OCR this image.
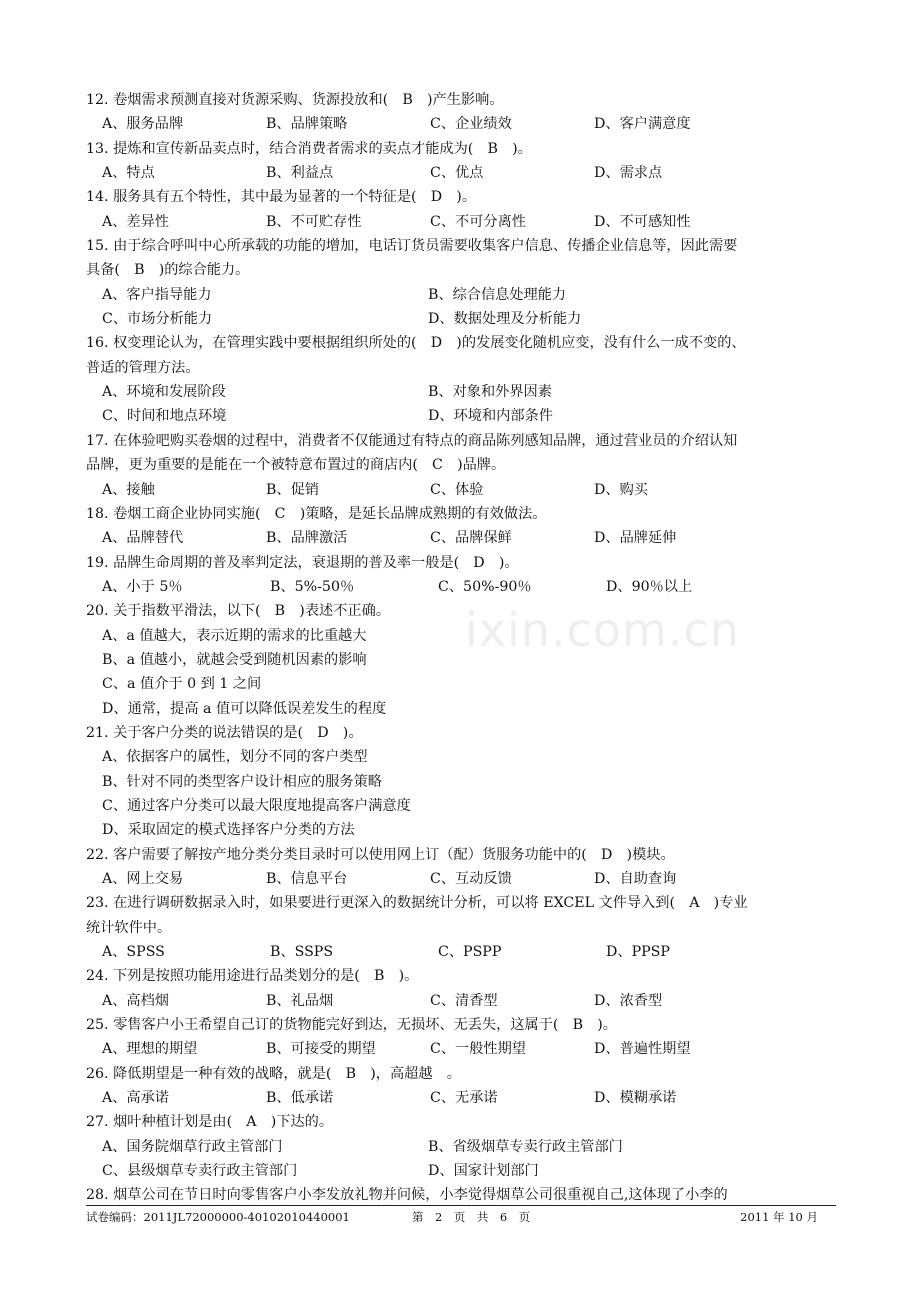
ixin.com.cn

12. 卷烟需求预测直接对货源采购、货源投放和(　B　)产生影响。

A、服务品牌	B、品牌策略	C、企业绩效	D、客户满意度

13. 提炼和宣传新品卖点时，结合消费者需求的卖点才能成为(　B　)。

A、特点	B、利益点	C、优点	D、需求点

14. 服务具有五个特性，其中最为显著的一个特征是(　D　)。

A、差异性	B、不可贮存性	C、不可分离性	D、不可感知性

15. 由于综合呼叫中心所承载的功能的增加，电话订货员需要收集客户信息、传播企业信息等，因此需要

具备(　B　)的综合能力。

A、客户指导能力	B、综合信息处理能力
C、市场分析能力	D、数据处理及分析能力

16. 权变理论认为，在管理实践中要根据组织所处的(　D　)的发展变化随机应变，没有什么一成不变的、

普适的管理方法。

A、环境和发展阶段	B、对象和外界因素
C、时间和地点环境	D、环境和内部条件

17. 在体验吧购买卷烟的过程中，消费者不仅能通过有特点的商品陈列感知品牌，通过营业员的介绍认知

品牌，更为重要的是能在一个被特意布置过的商店内(　C　)品牌。

A、接触	B、促销	C、体验	D、购买

18. 卷烟工商企业协同实施(　C　)策略，是延长品牌成熟期的有效做法。

A、品牌替代	B、品牌激活	C、品牌保鲜	D、品牌延伸

19. 品牌生命周期的普及率判定法，衰退期的普及率一般是(　D　)。

A、小于 5％	B、5%-50％	C、50%-90％	D、90％以上

20. 关于指数平滑法，以下(　B　)表述不正确。

A、a 值越大，表示近期的需求的比重越大
B、a 值越小，就越会受到随机因素的影响
C、a 值介于 0 到 1 之间
D、通常，提高 a 值可以降低误差发生的程度

21. 关于客户分类的说法错误的是(　D　)。

A、依据客户的属性，划分不同的客户类型
B、针对不同的类型客户设计相应的服务策略
C、通过客户分类可以最大限度地提高客户满意度
D、采取固定的模式选择客户分类的方法

22. 客户需要了解按产地分类分类目录时可以使用网上订（配）货服务功能中的(　D　)模块。

A、网上交易	B、信息平台	C、互动反馈	D、自助查询

23. 在进行调研数据录入时，如果要进行更深入的数据统计分析，可以将 EXCEL 文件导入到(　A　)专业

统计软件中。

A、SPSS	B、SSPS	C、PSPP	D、PPSP

24. 下列是按照功能用途进行品类划分的是(　B　)。

A、高档烟	B、礼品烟	C、清香型	D、浓香型

25. 零售客户小王希望自己订的货物能完好到达，无损坏、无丢失，这属于(　B　)。

A、理想的期望	B、可接受的期望	C、一般性期望	D、普遍性期望

26. 降低期望是一种有效的战略，就是(　B　)，高超越　。

A、高承诺	B、低承诺	C、无承诺	D、模糊承诺

27. 烟叶种植计划是由(　A　)下达的。

A、国务院烟草行政主管部门	B、省级烟草专卖行政主管部门
C、县级烟草专卖行政主管部门	D、国家计划部门

28. 烟草公司在节日时向零售客户小李发放礼物并问候，小李觉得烟草公司很重视自己,这体现了小李的

试卷编码：2011JL72000000-40102010440001	第　2　页　共　6　页	2011 年 10 月
